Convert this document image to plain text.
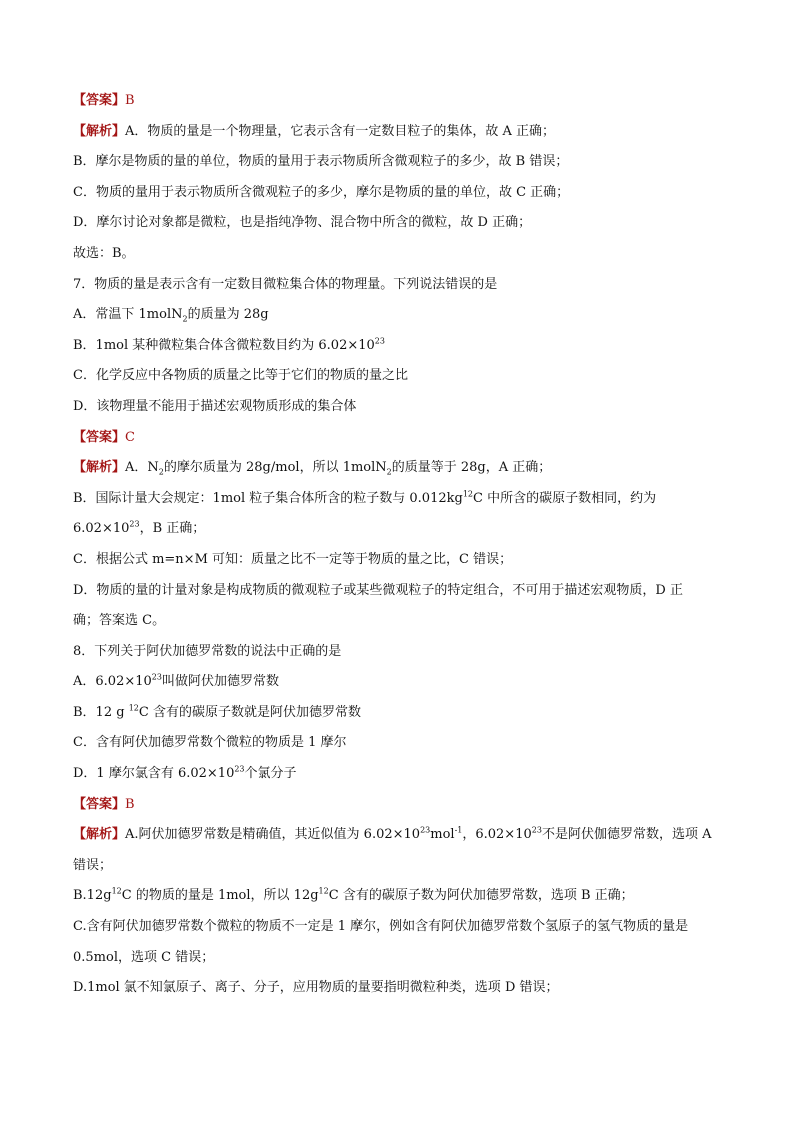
【答案】B
【解析】A．物质的量是一个物理量，它表示含有一定数目粒子的集体，故 A 正确；
B．摩尔是物质的量的单位，物质的量用于表示物质所含微观粒子的多少，故 B 错误；
C．物质的量用于表示物质所含微观粒子的多少，摩尔是物质的量的单位，故 C 正确；
D．摩尔讨论对象都是微粒，也是指纯净物、混合物中所含的微粒，故 D 正确；
故选：B。
7．物质的量是表示含有一定数目微粒集合体的物理量。下列说法错误的是
A．常温下 1molN$_2$的质量为 28g
B．1mol 某种微粒集合体含微粒数目约为 $6.02\times 10^{23}$
C．化学反应中各物质的质量之比等于它们的物质的量之比
D．该物理量不能用于描述宏观物质形成的集合体
【答案】C
【解析】A．$N_2$的摩尔质量为 28g/mol，所以 1molN$_2$的质量等于 28g，A 正确；
B．国际计量大会规定：1mol 粒子集合体所含的粒子数与 $0.012kg^{12}C$ 中所含的碳原子数相同，约为
$6.02\times 10^{23}$，B 正确；
C．根据公式 m=n×M 可知：质量之比不一定等于物质的量之比，C 错误；
D．物质的量的计量对象是构成物质的微观粒子或某些微观粒子的特定组合，不可用于描述宏观物质，D 正
确；答案选 C。
8．下列关于阿伏加德罗常数的说法中正确的是
A．$6.02\times 10^{23}$叫做阿伏加德罗常数
B．12 g $^{12}$C 含有的碳原子数就是阿伏加德罗常数
C．含有阿伏加德罗常数个微粒的物质是 1 摩尔
D．1 摩尔氯含有 $6.02\times 10^{23}$个氯分子
【答案】B
【解析】A.阿伏加德罗常数是精确值，其近似值为 $6.02\times 10^{23}mol^{-1}$，$6.02\times 10^{23}$不是阿伏伽德罗常数，选项 A
错误；
$B.12g^{12}C$ 的物质的量是 1mol，所以 $12g^{12}C$ 含有的碳原子数为阿伏加德罗常数，选项 B 正确；
C.含有阿伏加德罗常数个微粒的物质不一定是 1 摩尔，例如含有阿伏加德罗常数个氢原子的氢气物质的量是
0.5mol，选项 C 错误；
D.1mol 氯不知氯原子、离子、分子，应用物质的量要指明微粒种类，选项 D 错误；
